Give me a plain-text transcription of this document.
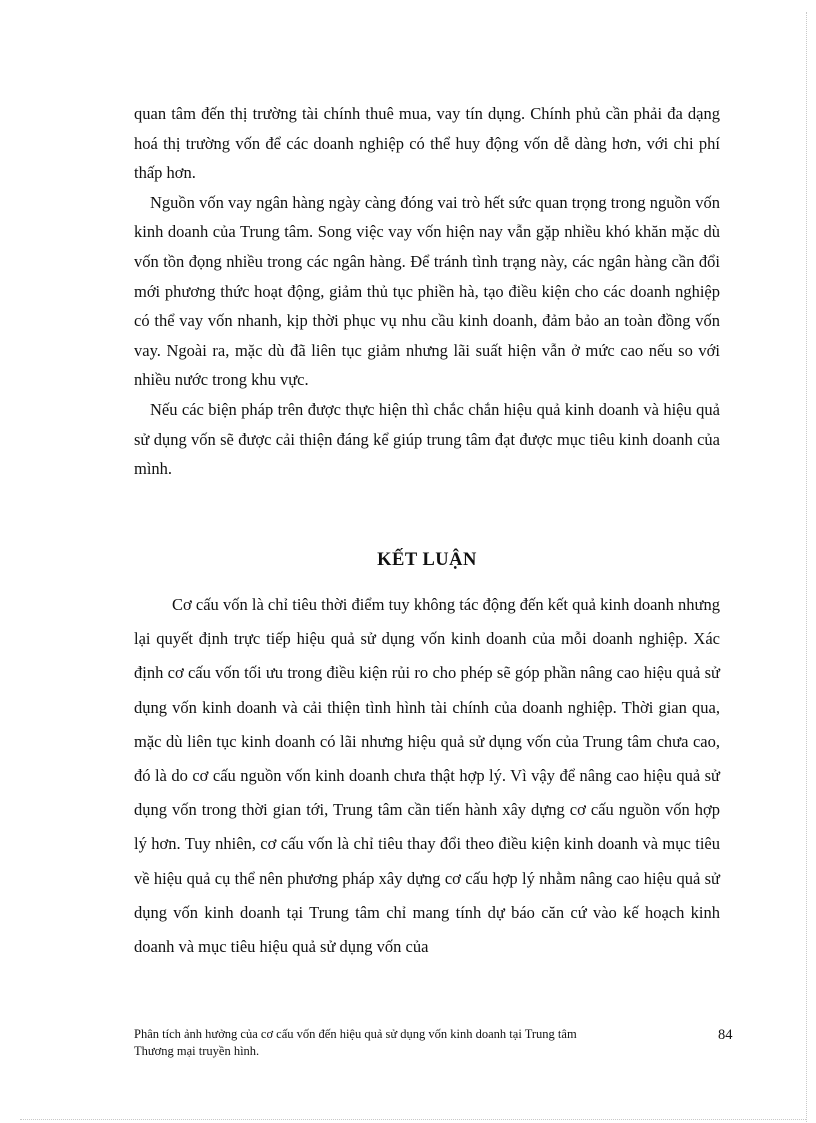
quan tâm đến thị trường tài chính thuê mua, vay tín dụng. Chính phủ cần phải đa dạng hoá thị trường vốn để các doanh nghiệp có thể huy động vốn dễ dàng hơn, với chi phí thấp hơn.

Nguồn vốn vay ngân hàng ngày càng đóng vai trò hết sức quan trọng trong nguồn vốn kinh doanh của Trung tâm. Song việc vay vốn hiện nay vẫn gặp nhiều khó khăn mặc dù vốn tồn đọng nhiều trong các ngân hàng. Để tránh tình trạng này, các ngân hàng cần đổi mới phương thức hoạt động, giảm thủ tục phiền hà, tạo điều kiện cho các doanh nghiệp có thể vay vốn nhanh, kịp thời phục vụ nhu cầu kinh doanh, đảm bảo an toàn đồng vốn vay. Ngoài ra, mặc dù đã liên tục giảm nhưng lãi suất hiện vẫn ở mức cao nếu so với nhiều nước trong khu vực.

Nếu các biện pháp trên được thực hiện thì chắc chắn hiệu quả kinh doanh và hiệu quả sử dụng vốn sẽ được cải thiện đáng kể giúp trung tâm đạt được mục tiêu kinh doanh của mình.

KẾT LUẬN

Cơ cấu vốn là chỉ tiêu thời điểm tuy không tác động đến kết quả kinh doanh nhưng lại quyết định trực tiếp hiệu quả sử dụng vốn kinh doanh của mỗi doanh nghiệp. Xác định cơ cấu vốn tối ưu trong điều kiện rủi ro cho phép sẽ góp phần nâng cao hiệu quả sử dụng vốn kinh doanh và cải thiện tình hình tài chính của doanh nghiệp. Thời gian qua, mặc dù liên tục kinh doanh có lãi nhưng hiệu quả sử dụng vốn của Trung tâm chưa cao, đó là do cơ cấu nguồn vốn kinh doanh chưa thật hợp lý. Vì vậy để nâng cao hiệu quả sử dụng vốn trong thời gian tới, Trung tâm cần tiến hành xây dựng cơ cấu nguồn vốn hợp lý hơn. Tuy nhiên, cơ cấu vốn là chỉ tiêu thay đổi theo điều kiện kinh doanh và mục tiêu về hiệu quả cụ thể nên phương pháp xây dựng cơ cấu hợp lý nhằm nâng cao hiệu quả sử dụng vốn kinh doanh tại Trung tâm chỉ mang tính dự báo căn cứ vào kế hoạch kinh doanh và mục tiêu hiệu quả sử dụng vốn của

Phân tích ảnh hưởng của cơ cấu vốn đến hiệu quả sử dụng vốn kinh doanh tại Trung tâm
Thương mại truyền hình.
84
